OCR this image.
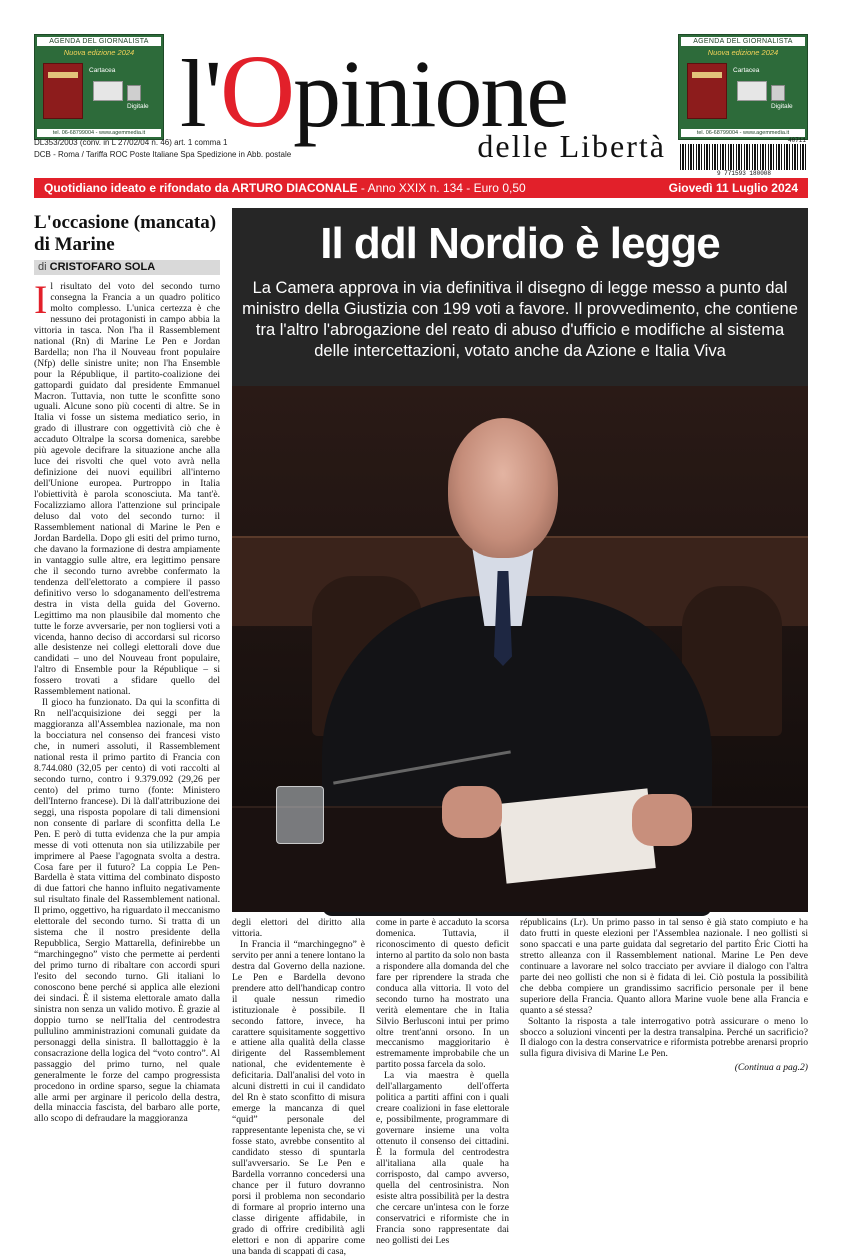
AGENDA DEL GIORNALISTA
Nuova edizione 2024
Cartacea
Digitale
tel. 06-68799004 - www.agemmedia.it l'Opinione
delle Libertà
AGENDA DEL GIORNALISTA
Nuova edizione 2024
Cartacea
Digitale
tel. 06-68799004 - www.agemmedia.it
DL353/2003 (conv. in L 27/02/04 n. 46) art. 1 comma 1
DCB - Roma / Tariffa ROC Poste Italiane Spa Spedizione in Abb. postale
40711
9 771593 180008
Quotidiano ideato e rifondato da ARTURO DIACONALE - Anno XXIX n. 134 - Euro 0,50	Giovedì 11 Luglio 2024
L'occasione (mancata) di Marine
di CRISTOFARO SOLA

Il risultato del voto del secondo turno consegna la Francia a un quadro politico molto complesso. L'unica certezza è che nessuno dei protagonisti in campo abbia la vittoria in tasca. Non l'ha il Rassemblement national (Rn) di Marine Le Pen e Jordan Bardella; non l'ha il Nouveau front populaire (Nfp) delle sinistre unite; non l'ha Ensemble pour la République, il partito-coalizione dei gattopardi guidato dal presidente Emmanuel Macron. Tuttavia, non tutte le sconfitte sono uguali. Alcune sono più cocenti di altre. Se in Italia vi fosse un sistema mediatico serio, in grado di illustrare con oggettività ciò che è accaduto Oltralpe la scorsa domenica, sarebbe più agevole decifrare la situazione anche alla luce dei risvolti che quel voto avrà nella definizione dei nuovi equilibri all'interno dell'Unione europea. Purtroppo in Italia l'obiettività è parola sconosciuta. Ma tant'è. Focalizziamo allora l'attenzione sul principale deluso dal voto del secondo turno: il Rassemblement national di Marine le Pen e Jordan Bardella. Dopo gli esiti del primo turno, che davano la formazione di destra ampiamente in vantaggio sulle altre, era legittimo pensare che il secondo turno avrebbe confermato la tendenza dell'elettorato a compiere il passo definitivo verso lo sdoganamento dell'estrema destra in vista della guida del Governo. Legittimo ma non plausibile dal momento che tutte le forze avversarie, per non togliersi voti a vicenda, hanno deciso di accordarsi sul ricorso alle desistenze nei collegi elettorali dove due candidati – uno del Nouveau front populaire, l'altro di Ensemble pour la République – si fossero trovati a sfidare quello del Rassemblement national.

Il gioco ha funzionato. Da qui la sconfitta di Rn nell'acquisizione dei seggi per la maggioranza all'Assemblea nazionale, ma non la bocciatura nel consenso dei francesi visto che, in numeri assoluti, il Rassemblement national resta il primo partito di Francia con 8.744.080 (32,05 per cento) di voti raccolti al secondo turno, contro i 9.379.092 (29,26 per cento) del primo turno (fonte: Ministero dell'Interno francese). Di là dall'attribuzione dei seggi, una risposta popolare di tali dimensioni non consente di parlare di sconfitta della Le Pen. E però di tutta evidenza che la pur ampia messe di voti ottenuta non sia utilizzabile per imprimere al Paese l'agognata svolta a destra. Cosa fare per il futuro? La coppia Le Pen-Bardella è stata vittima del combinato disposto di due fattori che hanno influito negativamente sul risultato finale del Rassemblement national. Il primo, oggettivo, ha riguardato il meccanismo elettorale del secondo turno. Si tratta di un sistema che il nostro presidente della Repubblica, Sergio Mattarella, definirebbe un “marchingegno” visto che permette ai perdenti del primo turno di ribaltare con accordi spuri l'esito del secondo turno. Gli italiani lo conoscono bene perché si applica alle elezioni dei sindaci. È il sistema elettorale amato dalla sinistra non senza un valido motivo. È grazie al doppio turno se nell'Italia del centrodestra pullulino amministrazioni comunali guidate da personaggi della sinistra. Il ballottaggio è la consacrazione della logica del “voto contro”. Al passaggio del primo turno, nel quale generalmente le forze del campo progressista procedono in ordine sparso, segue la chiamata alle armi per arginare il pericolo della destra, della minaccia fascista, del barbaro alle porte, allo scopo di defraudare la maggioranza

Il ddl Nordio è legge
La Camera approva in via definitiva il disegno di legge messo a punto dal ministro della Giustizia con 199 voti a favore. Il provvedimento, che contiene tra l'altro l'abrogazione del reato di abuso d'ufficio e modifiche al sistema delle intercettazioni, votato anche da Azione e Italia Viva

degli elettori del diritto alla vittoria.

In Francia il “marchingegno” è servito per anni a tenere lontano la destra dal Governo della nazione. Le Pen e Bardella devono prendere atto dell'handicap contro il quale nessun rimedio istituzionale è possibile. Il secondo fattore, invece, ha carattere squisitamente soggettivo e attiene alla qualità della classe dirigente del Rassemblement national, che evidentemente è deficitaria. Dall'analisi del voto in alcuni distretti in cui il candidato del Rn è stato sconfitto di misura emerge la mancanza di quel “quid” personale del rappresentante lepenista che, se vi fosse stato, avrebbe consentito al candidato stesso di spuntarla sull'avversario. Se Le Pen e Bardella vorranno concedersi una chance per il futuro dovranno porsi il problema non secondario di formare al proprio interno una classe dirigente affidabile, in grado di offrire credibilità agli elettori e non di apparire come una banda di scappati di casa,

come in parte è accaduto la scorsa domenica. Tuttavia, il riconoscimento di questo deficit interno al partito da solo non basta a rispondere alla domanda del che fare per riprendere la strada che conduca alla vittoria. Il voto del secondo turno ha mostrato una verità elementare che in Italia Silvio Berlusconi intuì per primo oltre trent'anni orsono. In un meccanismo maggioritario è estremamente improbabile che un partito possa farcela da solo.

La via maestra è quella dell'allargamento dell'offerta politica a partiti affini con i quali creare coalizioni in fase elettorale e, possibilmente, programmare di governare insieme una volta ottenuto il consenso dei cittadini. È la formula del centrodestra all'italiana alla quale ha corrisposto, dal campo avverso, quella del centrosinistra. Non esiste altra possibilità per la destra che cercare un'intesa con le forze conservatrici e riformiste che in Francia sono rappresentate dai neo gollisti dei Les

républicains (Lr). Un primo passo in tal senso è già stato compiuto e ha dato frutti in queste elezioni per l'Assemblea nazionale. I neo gollisti si sono spaccati e una parte guidata dal segretario del partito Éric Ciotti ha stretto alleanza con il Rassemblement national. Marine Le Pen deve continuare a lavorare nel solco tracciato per avviare il dialogo con l'altra parte dei neo gollisti che non si è fidata di lei. Ciò postula la possibilità che debba compiere un grandissimo sacrificio personale per il bene superiore della Francia. Quanto allora Marine vuole bene alla Francia e quanto a sé stessa?

Soltanto la risposta a tale interrogativo potrà assicurare o meno lo sbocco a soluzioni vincenti per la destra transalpina. Perché un sacrificio? Il dialogo con la destra conservatrice e riformista potrebbe arenarsi proprio sulla figura divisiva di Marine Le Pen.

(Continua a pag.2)
